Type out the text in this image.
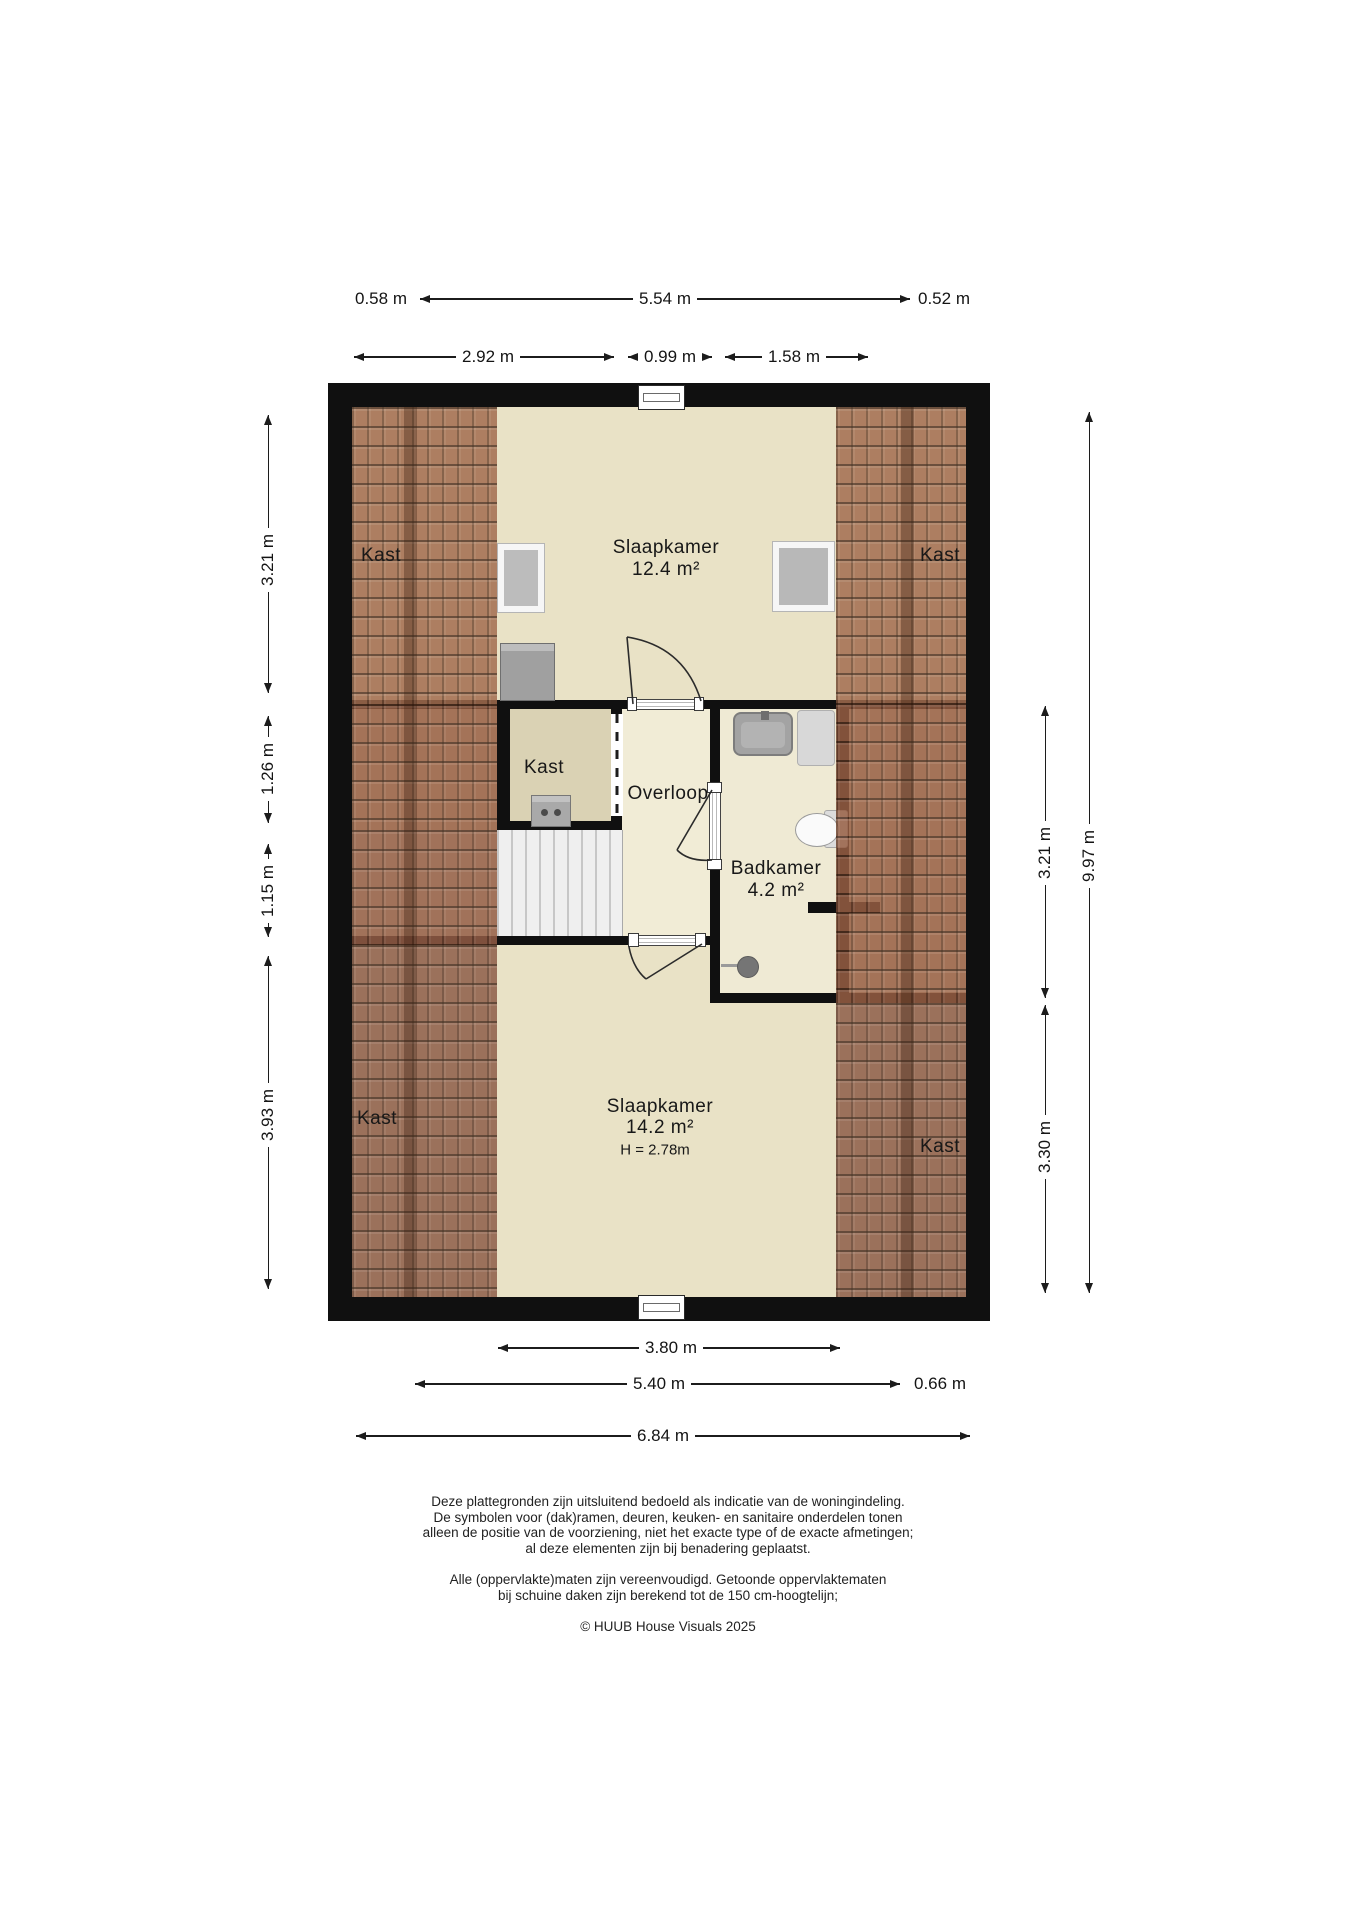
Slaapkamer
12.4 m²
Kast	Kast
Kast
Overloop
Badkamer
4.2 m²
Slaapkamer
14.2 m²
H = 2.78m
Kast
Kast
0.58 m	5.54 m	0.52 m
2.92 m	0.99 m	1.58 m
3.21 m
1.26 m
1.15 m
3.93 m
3.21 m
3.30 m
9.97 m
3.80 m
5.40 m	0.66 m
6.84 m
Deze plattegronden zijn uitsluitend bedoeld als indicatie van de woningindeling.
De symbolen voor (dak)ramen, deuren, keuken- en sanitaire onderdelen tonen
alleen de positie van de voorziening, niet het exacte type of de exacte afmetingen;
al deze elementen zijn bij benadering geplaatst.
Alle (oppervlakte)maten zijn vereenvoudigd. Getoonde oppervlaktematen
bij schuine daken zijn berekend tot de 150 cm-hoogtelijn;
© HUUB House Visuals 2025
